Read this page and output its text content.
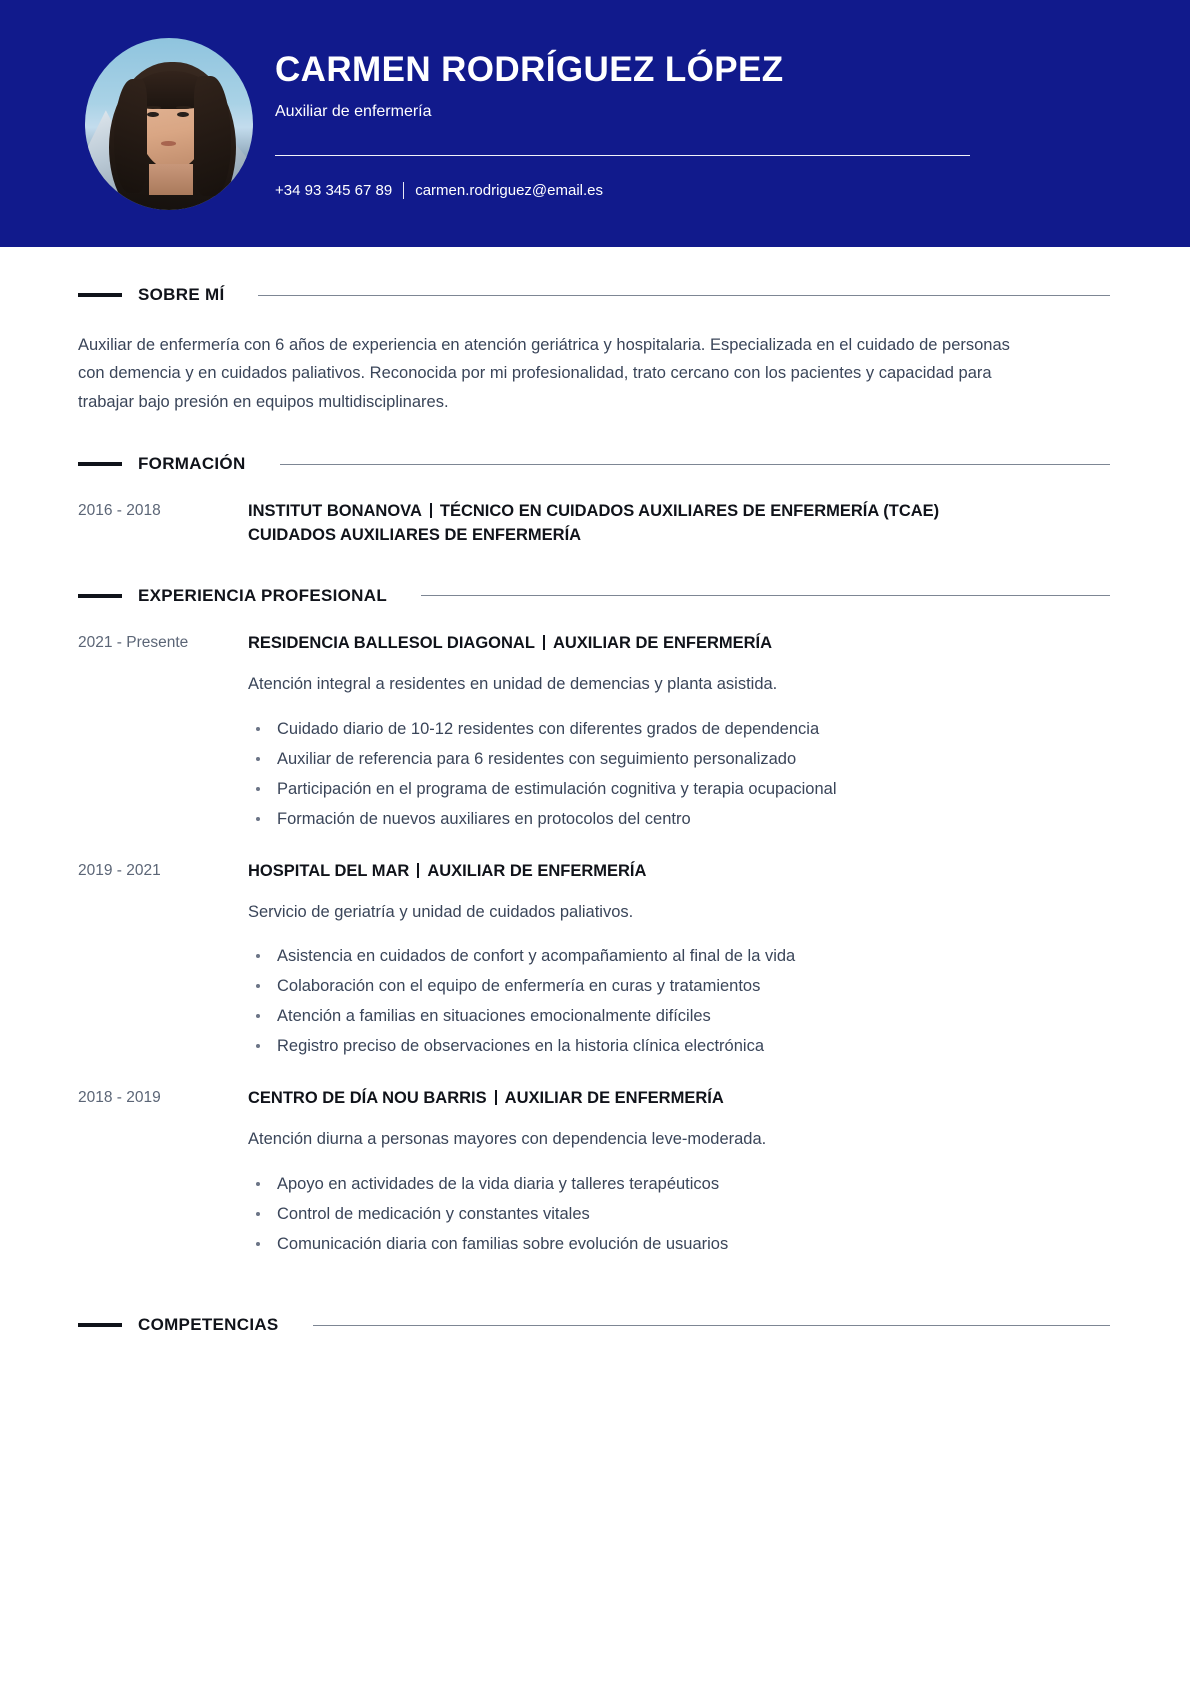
CARMEN RODRÍGUEZ LÓPEZ
Auxiliar de enfermería
+34 93 345 67 89 carmen.rodriguez@email.es
SOBRE MÍ

Auxiliar de enfermería con 6 años de experiencia en atención geriátrica y hospitalaria. Especializada en el cuidado de personas con demencia y en cuidados paliativos. Reconocida por mi profesionalidad, trato cercano con los pacientes y capacidad para trabajar bajo presión en equipos multidisciplinares.

FORMACIÓN
2016 - 2018	INSTITUT BONANOVA TÉCNICO EN CUIDADOS AUXILIARES DE ENFERMERÍA (TCAE)
CUIDADOS AUXILIARES DE ENFERMERÍA
EXPERIENCIA PROFESIONAL
2021 - Presente	RESIDENCIA BALLESOL DIAGONAL AUXILIAR DE ENFERMERÍA
Atención integral a residentes en unidad de demencias y planta asistida.
Cuidado diario de 10-12 residentes con diferentes grados de dependencia
Auxiliar de referencia para 6 residentes con seguimiento personalizado
Participación en el programa de estimulación cognitiva y terapia ocupacional
Formación de nuevos auxiliares en protocolos del centro
2019 - 2021	HOSPITAL DEL MAR AUXILIAR DE ENFERMERÍA
Servicio de geriatría y unidad de cuidados paliativos.
Asistencia en cuidados de confort y acompañamiento al final de la vida
Colaboración con el equipo de enfermería en curas y tratamientos
Atención a familias en situaciones emocionalmente difíciles
Registro preciso de observaciones en la historia clínica electrónica
2018 - 2019	CENTRO DE DÍA NOU BARRIS AUXILIAR DE ENFERMERÍA
Atención diurna a personas mayores con dependencia leve-moderada.
Apoyo en actividades de la vida diaria y talleres terapéuticos
Control de medicación y constantes vitales
Comunicación diaria con familias sobre evolución de usuarios
COMPETENCIAS
